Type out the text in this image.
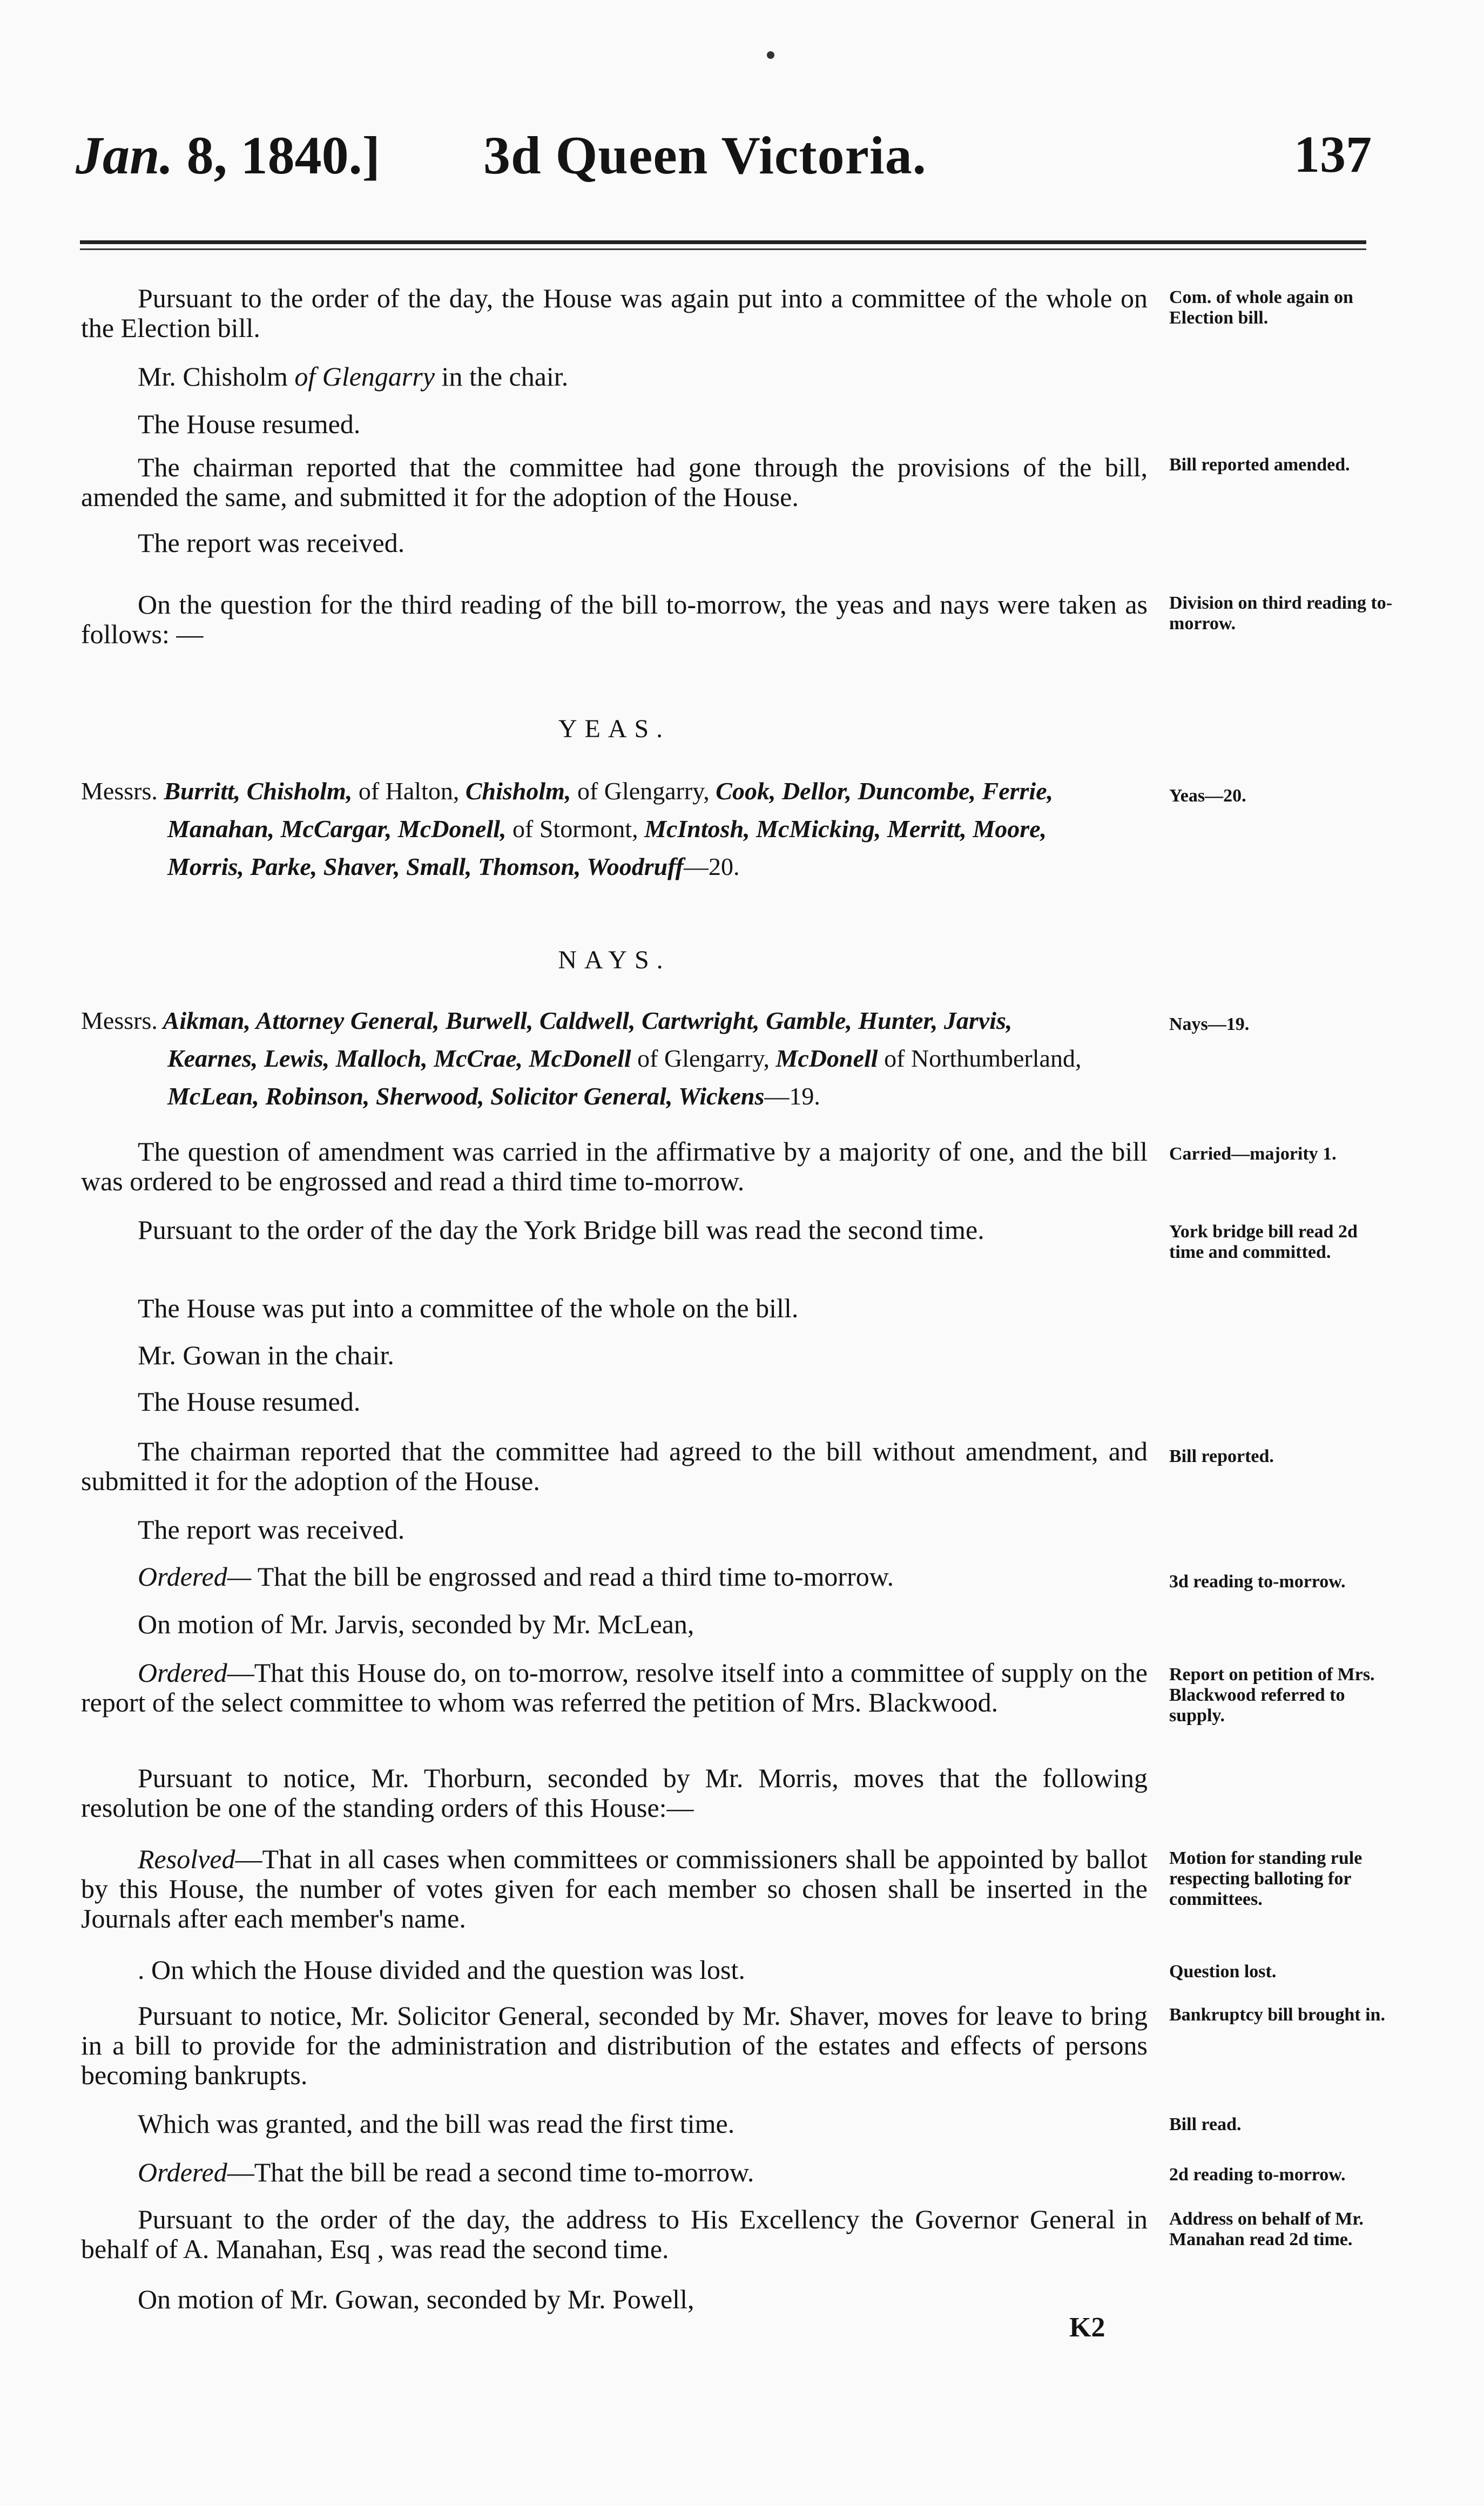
Jan. 8, 1840.] 3d Queen Victoria.	137
Pursuant to the order of the day, the House was again put into a committee of the whole on the Election bill.
Mr. Chisholm of Glengarry in the chair.
The House resumed.
The chairman reported that the committee had gone through the provisions of the bill, amended the same, and submitted it for the adoption of the House.
The report was received.
On the question for the third reading of the bill to-morrow, the yeas and nays were taken as follows: —
YEAS.
Messrs. Burritt, Chisholm, of Halton, Chisholm, of Glengarry, Cook, Dellor, Duncombe, Ferrie,
Manahan, McCargar, McDonell, of Stormont, McIntosh, McMicking, Merritt, Moore,
Morris, Parke, Shaver, Small, Thomson, Woodruff—20.
NAYS.
Messrs. Aikman, Attorney General, Burwell, Caldwell, Cartwright, Gamble, Hunter, Jarvis,
Kearnes, Lewis, Malloch, McCrae, McDonell of Glengarry, McDonell of Northumberland,
McLean, Robinson, Sherwood, Solicitor General, Wickens—19.
The question of amendment was carried in the affirmative by a majority of one, and the bill was ordered to be engrossed and read a third time to-morrow.
Pursuant to the order of the day the York Bridge bill was read the second time.
The House was put into a committee of the whole on the bill.
Mr. Gowan in the chair.
The House resumed.
The chairman reported that the committee had agreed to the bill without amendment, and submitted it for the adoption of the House.
The report was received.
Ordered— That the bill be engrossed and read a third time to-morrow.
On motion of Mr. Jarvis, seconded by Mr. McLean,
Ordered—That this House do, on to-morrow, resolve itself into a committee of supply on the report of the select committee to whom was referred the petition of Mrs. Blackwood.
Pursuant to notice, Mr. Thorburn, seconded by Mr. Morris, moves that the following resolution be one of the standing orders of this House:—
Resolved—That in all cases when committees or commissioners shall be appointed by ballot by this House, the number of votes given for each member so chosen shall be inserted in the Journals after each member's name.
. On which the House divided and the question was lost.
Pursuant to notice, Mr. Solicitor General, seconded by Mr. Shaver, moves for leave to bring in a bill to provide for the administration and distribution of the estates and effects of persons becoming bankrupts.
Which was granted, and the bill was read the first time.
Ordered—That the bill be read a second time to-morrow.
Pursuant to the order of the day, the address to His Excellency the Governor General in behalf of A. Manahan, Esq , was read the second time.
On motion of Mr. Gowan, seconded by Mr. Powell,
Com. of whole again on Election bill.
Bill reported amended.
Division on third reading to-morrow.
Yeas—20.
Nays—19.
Carried—majority 1.
York bridge bill read 2d time and committed.
Bill reported.
3d reading to-morrow.
Report on petition of Mrs. Blackwood referred to supply.
Motion for standing rule respecting balloting for committees.
Question lost.
Bankruptcy bill brought in.
Bill read.
2d reading to-morrow.
Address on behalf of Mr. Manahan read 2d time.
K2
